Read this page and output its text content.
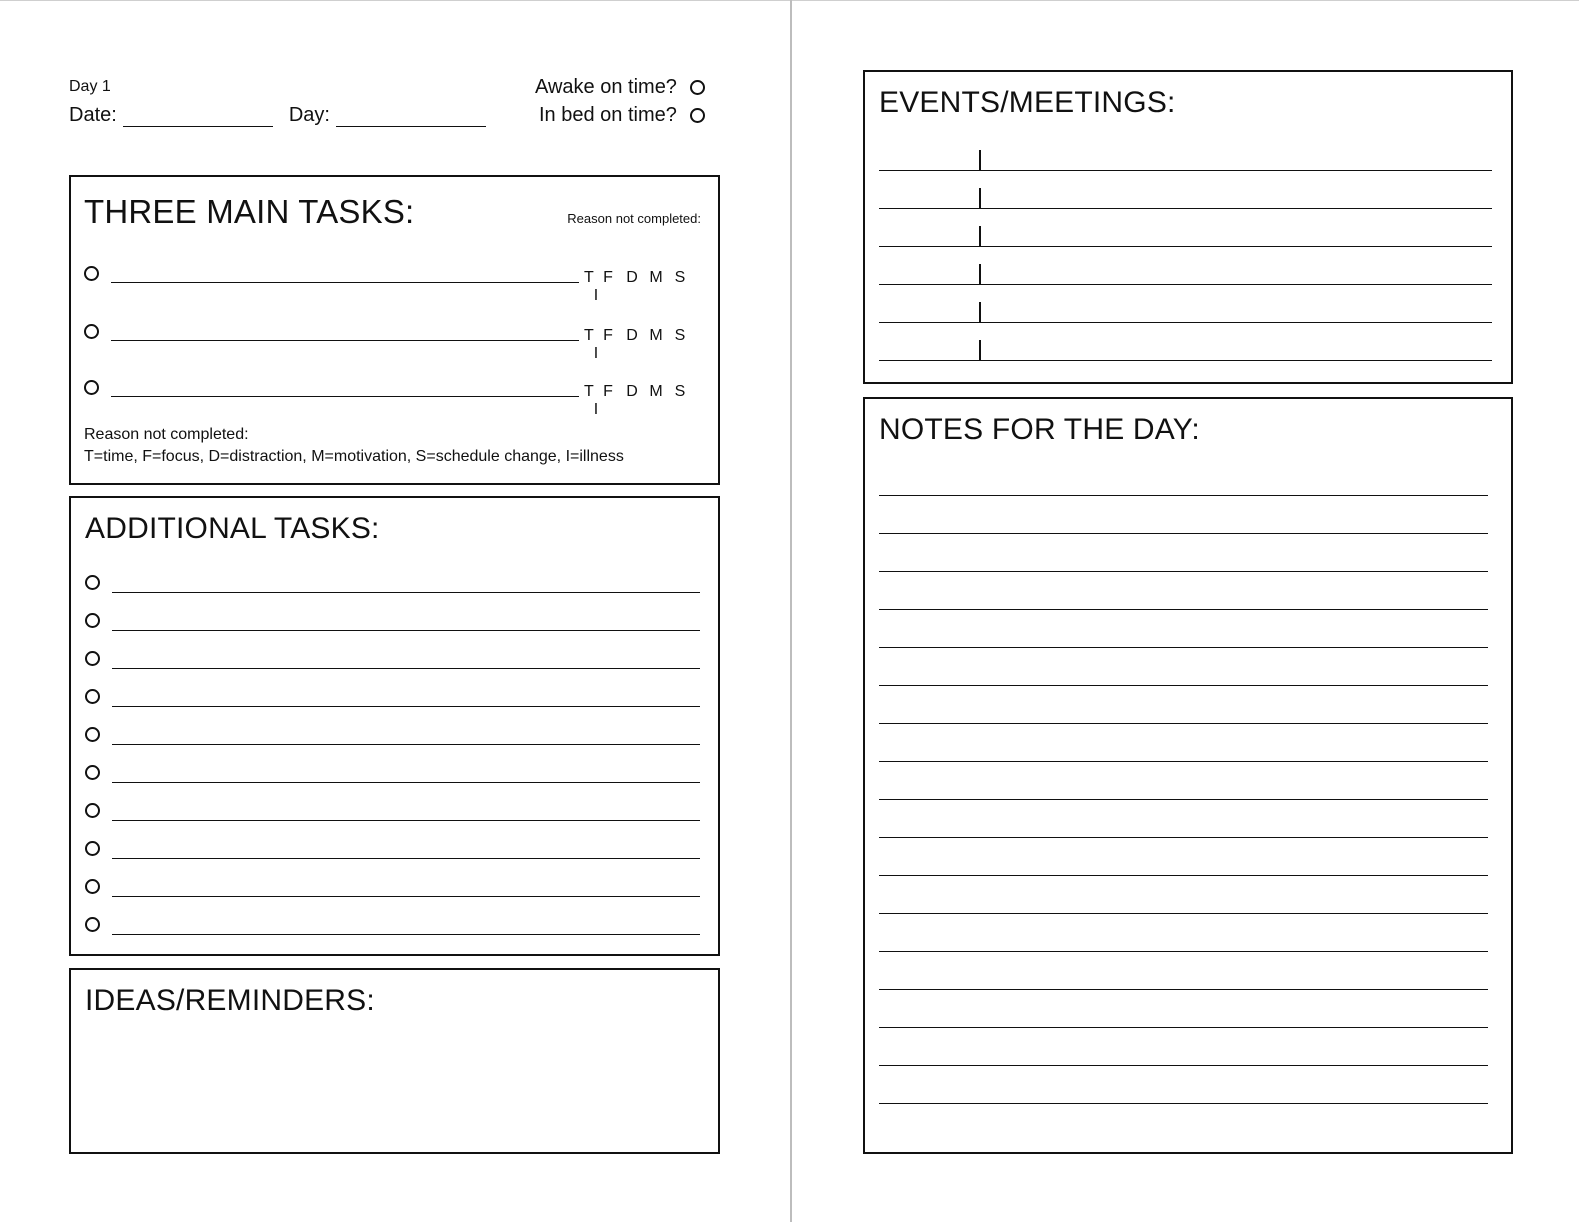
Day 1
Date:	Day:
Awake on time?
In bed on time?
THREE MAIN TASKS:	Reason not completed:
T F D M SI
T F D M SI
T F D M SI
Reason not completed:
T=time, F=focus, D=distraction, M=motivation, S=schedule change, I=illness
ADDITIONAL TASKS:
IDEAS/REMINDERS:
EVENTS/MEETINGS:
NOTES FOR THE DAY:
